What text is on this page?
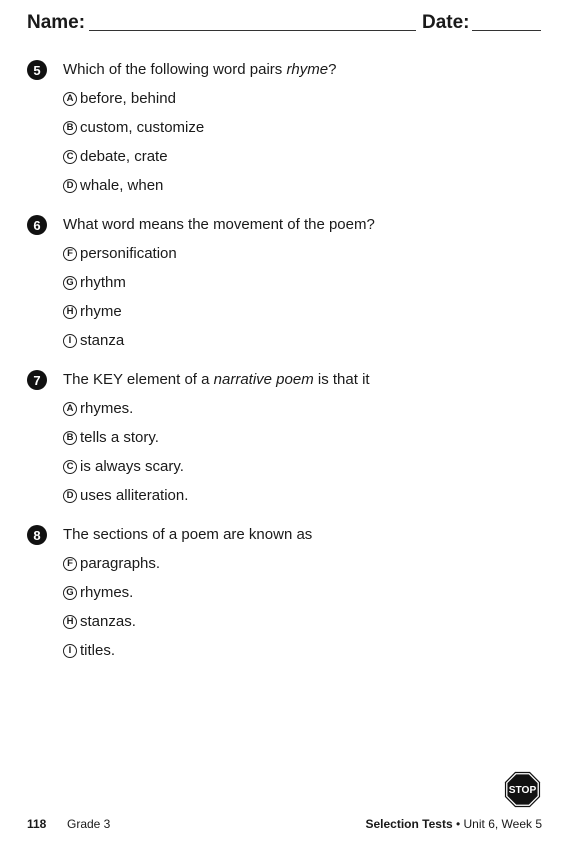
Name:	Date:
5	Which of the following word pairs rhyme?
A before, behind
B custom, customize
C debate, crate
D whale, when
6	What word means the movement of the poem?
F personification
G rhythm
H rhyme
I stanza
7	The KEY element of a narrative poem is that it
A rhymes.
B tells a story.
C is always scary.
D uses alliteration.
8	The sections of a poem are known as
F paragraphs.
G rhymes.
H stanzas.
I titles.
STOP
118 Grade 3	Selection Tests • Unit 6, Week 5
